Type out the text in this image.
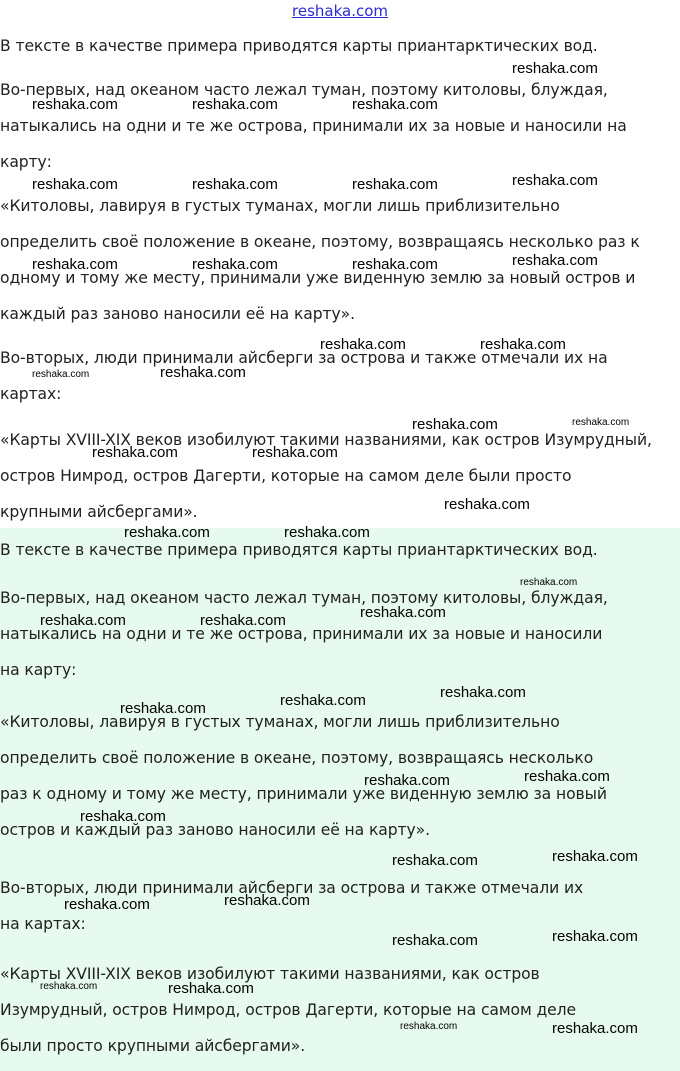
reshaka.com
В тексте в качестве примера приводятся карты приантарктических вод.
Во-первых, над океаном часто лежал туман, поэтому китоловы, блуждая,
натыкались на одни и те же острова, принимали их за новые и наносили на
карту:
«Китоловы, лавируя в густых туманах, могли лишь приблизительно
определить своё положение в океане, поэтому, возвращаясь несколько раз к
одному и тому же месту, принимали уже виденную землю за новый остров и
каждый раз заново наносили её на карту».
Во-вторых, люди принимали айсберги за острова и также отмечали их на
картах:
«Карты XVIII-XIX веков изобилуют такими названиями, как остров Изумрудный,
остров Нимрод, остров Дагерти, которые на самом деле были просто
крупными айсбергами».
В тексте в качестве примера приводятся карты приантарктических вод.
Во-первых, над океаном часто лежал туман, поэтому китоловы, блуждая,
натыкались на одни и те же острова, принимали их за новые и наносили
на карту:
«Китоловы, лавируя в густых туманах, могли лишь приблизительно
определить своё положение в океане, поэтому, возвращаясь несколько
раз к одному и тому же месту, принимали уже виденную землю за новый
остров и каждый раз заново наносили её на карту».
Во-вторых, люди принимали айсберги за острова и также отмечали их
на картах:
«Карты XVIII-XIX веков изобилуют такими названиями, как остров
Изумрудный, остров Нимрод, остров Дагерти, которые на самом деле
были просто крупными айсбергами».
reshaka.com
reshaka.com	reshaka.com	reshaka.com
reshaka.com
reshaka.com	reshaka.com	reshaka.com
reshaka.com
reshaka.com	reshaka.com	reshaka.com
reshaka.com	reshaka.com
reshaka.com	reshaka.com
reshaka.com	reshaka.com
reshaka.com	reshaka.com
reshaka.com
reshaka.com	reshaka.com
reshaka.com
reshaka.com
reshaka.com	reshaka.com
reshaka.com
reshaka.com
reshaka.com
reshaka.com
reshaka.com
reshaka.com
reshaka.com
reshaka.com
reshaka.com
reshaka.com
reshaka.com
reshaka.com
reshaka.com	reshaka.com
reshaka.com
reshaka.com
